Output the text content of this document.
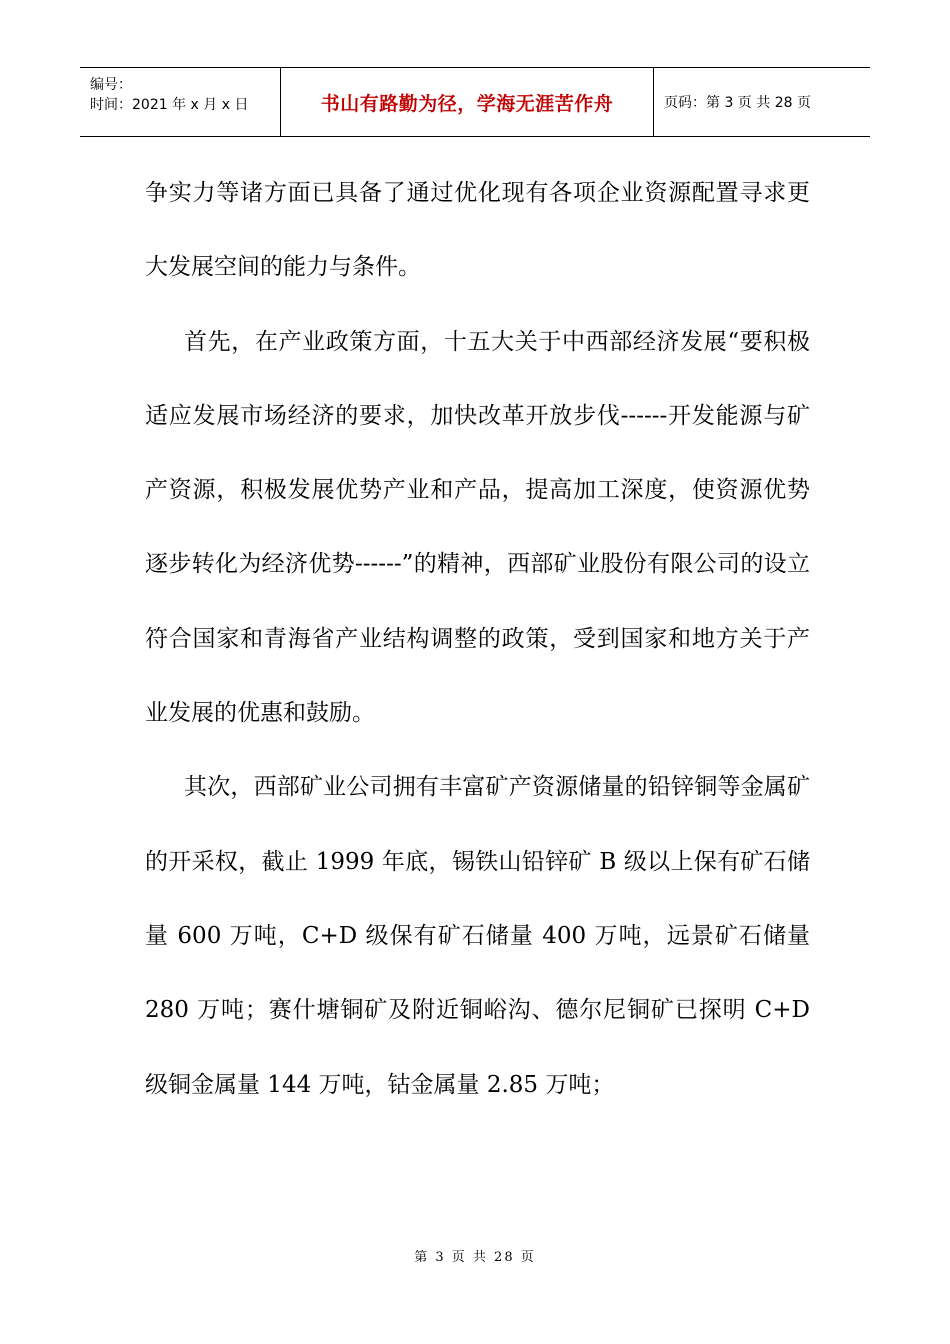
编号：
时间：2021 年 x 月 x 日	书山有路勤为径，学海无涯苦作舟	页码：第 3 页 共 28 页

争实力等诸方面已具备了通过优化现有各项企业资源配置寻求更大发展空间的能力与条件。

首先，在产业政策方面，十五大关于中西部经济发展“要积极适应发展市场经济的要求，加快改革开放步伐------开发能源与矿产资源，积极发展优势产业和产品，提高加工深度，使资源优势逐步转化为经济优势------”的精神，西部矿业股份有限公司的设立符合国家和青海省产业结构调整的政策，受到国家和地方关于产业发展的优惠和鼓励。

其次，西部矿业公司拥有丰富矿产资源储量的铅锌铜等金属矿的开采权，截止 1999 年底，锡铁山铅锌矿 B 级以上保有矿石储量 600 万吨，C+D 级保有矿石储量 400 万吨，远景矿石储量 280 万吨；赛什塘铜矿及附近铜峪沟、德尔尼铜矿已探明 C+D 级铜金属量 144 万吨，钴金属量 2.85 万吨；

第 3 页 共 28 页
